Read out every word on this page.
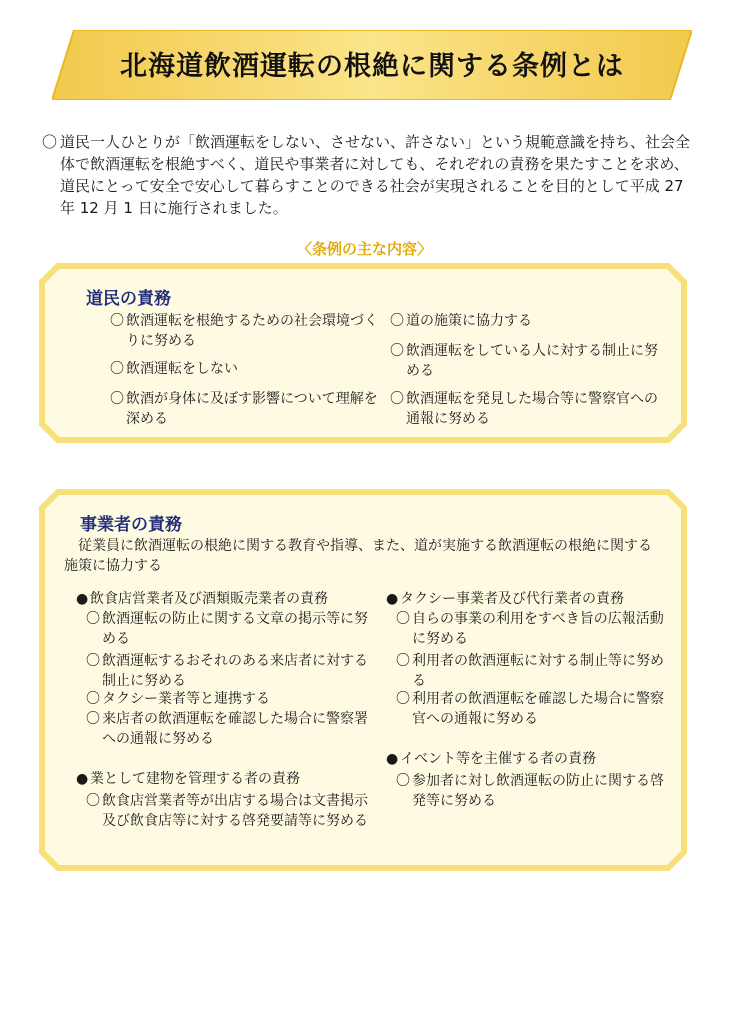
北海道飲酒運転の根絶に関する条例とは
〇 道民一人ひとりが「飲酒運転をしない、させない、許さない」という規範意識を持ち、社会全体で飲酒運転を根絶すべく、道民や事業者に対しても、それぞれの責務を果たすことを求め、道民にとって安全で安心して暮らすことのできる社会が実現されることを目的として平成 27 年 12 月 1 日に施行されました。
〈条例の主な内容〉
道民の責務
〇 飲酒運転を根絶するための社会環境づくりに努める
〇 飲酒運転をしない
〇 飲酒が身体に及ぼす影響について理解を深める
〇 道の施策に協力する
〇 飲酒運転をしている人に対する制止に努める
〇 飲酒運転を発見した場合等に警察官への通報に努める
事業者の責務
従業員に飲酒運転の根絶に関する教育や指導、また、道が実施する飲酒運転の根絶に関する施策に協力する
● 飲食店営業者及び酒類販売業者の責務
〇 飲酒運転の防止に関する文章の掲示等に努める
〇 飲酒運転するおそれのある来店者に対する制止に努める
〇 タクシー業者等と連携する
〇 来店者の飲酒運転を確認した場合に警察署への通報に努める
● 業として建物を管理する者の責務
〇 飲食店営業者等が出店する場合は文書掲示及び飲食店等に対する啓発要請等に努める
● タクシー事業者及び代行業者の責務
〇 自らの事業の利用をすべき旨の広報活動に努める
〇 利用者の飲酒運転に対する制止等に努める
〇 利用者の飲酒運転を確認した場合に警察官への通報に努める
● イベント等を主催する者の責務
〇 参加者に対し飲酒運転の防止に関する啓発等に努める
